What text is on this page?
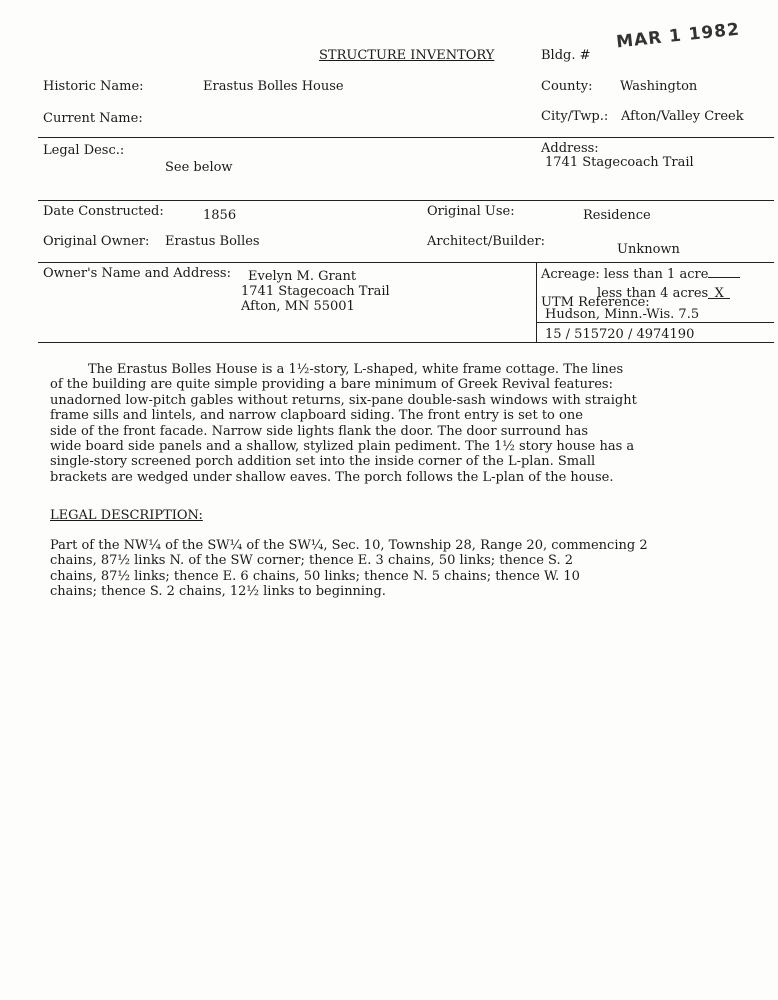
STRUCTURE INVENTORY	Bldg. #
MAR 1 1982
Historic Name:	Erastus Bolles House	County: Washington
Current Name:	City/Twp.: Afton/Valley Creek
Legal Desc.:
See below
Address:
1741 Stagecoach Trail
Date Constructed:	1856	Original Use:	Residence
Original Owner: Erastus Bolles	Architect/Builder:
Unknown
Owner's Name and Address: Evelyn M. Grant
1741 Stagecoach Trail
Afton, MN 55001
Acreage: less than 1 acre
less than 4 acres X
UTM Reference:
Hudson, Minn.-Wis. 7.5
15 / 515720 / 4974190
The Erastus Bolles House is a 1½-story, L-shaped, white frame cottage. The lines
of the building are quite simple providing a bare minimum of Greek Revival features:
unadorned low-pitch gables without returns, six-pane double-sash windows with straight
frame sills and lintels, and narrow clapboard siding. The front entry is set to one
side of the front facade. Narrow side lights flank the door. The door surround has
wide board side panels and a shallow, stylized plain pediment. The 1½ story house has a
single-story screened porch addition set into the inside corner of the L-plan. Small
brackets are wedged under shallow eaves. The porch follows the L-plan of the house.
LEGAL DESCRIPTION:
Part of the NW¼ of the SW¼ of the SW¼, Sec. 10, Township 28, Range 20, commencing 2
chains, 87½ links N. of the SW corner; thence E. 3 chains, 50 links; thence S. 2
chains, 87½ links; thence E. 6 chains, 50 links; thence N. 5 chains; thence W. 10
chains; thence S. 2 chains, 12½ links to beginning.
